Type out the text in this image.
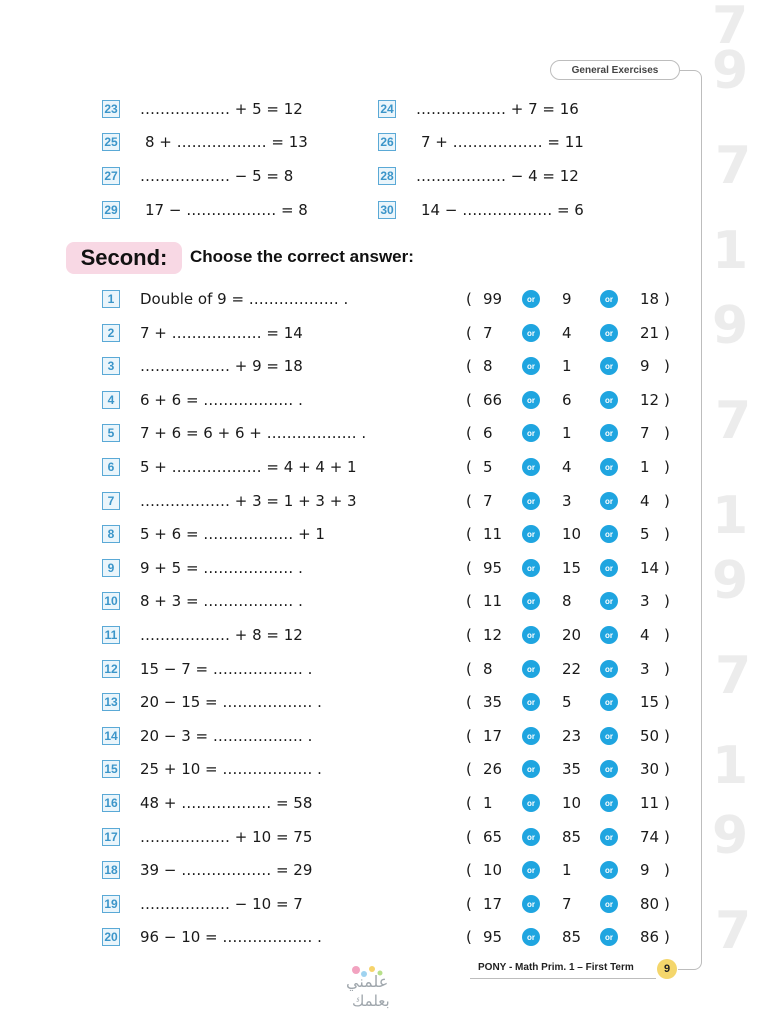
7
9
7
1
9
7
1
9
7
1
9
7
General Exercises
23 ……………… + 5 = 12	24 ……………… + 7 = 16
25 8 + ……………… = 13	26 7 + ……………… = 11
27 ……………… − 5 = 8	28 ……………… − 4 = 12
29 17 − ……………… = 8	30 14 − ……………… = 6
Second:	Choose the correct answer:
1	Double of 9 = ……………… .	( 99	or	9	or	18 )
2	7 + ……………… = 14	( 7	or	4	or	21 )
3	……………… + 9 = 18	( 8	or	1	or	9 )
4	6 + 6 = ……………… .	( 66	or	6	or	12 )
5	7 + 6 = 6 + 6 + ……………… .	( 6	or	1	or	7 )
6	5 + ……………… = 4 + 4 + 1	( 5	or	4	or	1 )
7	……………… + 3 = 1 + 3 + 3	( 7	or	3	or	4 )
8	5 + 6 = ……………… + 1	( 11	or	10	or	5 )
9	9 + 5 = ……………… .	( 95	or	15	or	14 )
10 8 + 3 = ……………… .	( 11	or	8	or	3 )
11 ……………… + 8 = 12	( 12	or	20	or	4 )
12 15 − 7 = ……………… .	( 8	or	22	or	3 )
13 20 − 15 = ……………… .	( 35	or	5	or	15 )
14 20 − 3 = ……………… .	( 17	or	23	or	50 )
15 25 + 10 = ……………… .	( 26	or	35	or	30 )
16 48 + ……………… = 58	( 1	or	10	or	11 )
17 ……………… + 10 = 75	( 65	or	85	or	74 )
18 39 − ……………… = 29	( 10	or	1	or	9 )
19 ……………… − 10 = 7	( 17	or	7	or	80 )
20 96 − 10 = ……………… .	( 95	or	85	or	86 )
PONY - Math Prim. 1 – First Term	9
علمني
بعلمك
